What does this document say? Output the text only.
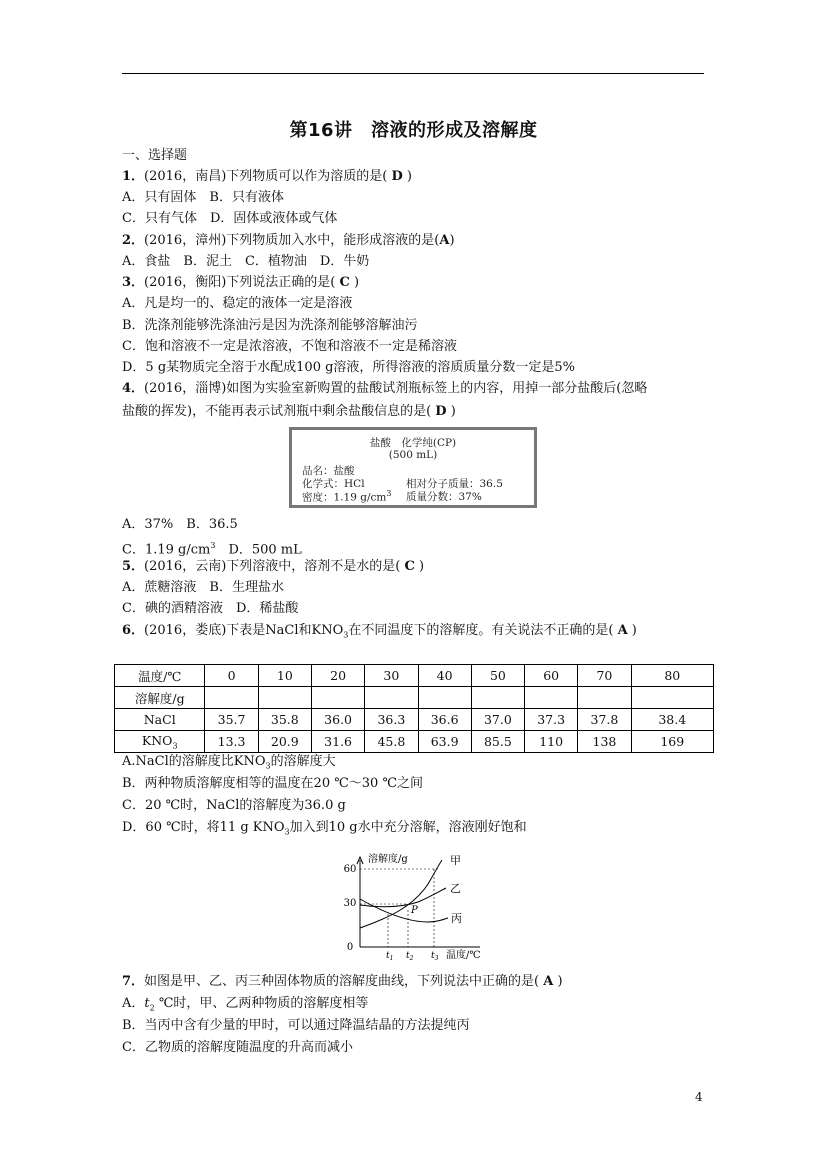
第16讲　溶液的形成及溶解度
一、选择题
1．(2016，南昌)下列物质可以作为溶质的是( D )
A．只有固体　B．只有液体
C．只有气体　D．固体或液体或气体
2．(2016，漳州)下列物质加入水中，能形成溶液的是(A)
A．食盐　B．泥土　C．植物油　D．牛奶
3．(2016，衡阳)下列说法正确的是( C )
A．凡是均一的、稳定的液体一定是溶液
B．洗涤剂能够洗涤油污是因为洗涤剂能够溶解油污
C．饱和溶液不一定是浓溶液，不饱和溶液不一定是稀溶液
D．5 g某物质完全溶于水配成100 g溶液，所得溶液的溶质质量分数一定是5%
4．(2016，淄博)如图为实验室新购置的盐酸试剂瓶标签上的内容，用掉一部分盐酸后(忽略
盐酸的挥发)，不能再表示试剂瓶中剩余盐酸信息的是( D )
盐酸　化学纯(CP)
(500 mL)
品名：盐酸
化学式：HCl	相对分子质量：36.5
密度：1.19 $g/cm^3$ 质量分数：37%
A．37%　B．36.5
C．1.19 $g/cm^3$　D．500 mL
5．(2016，云南)下列溶液中，溶剂不是水的是( C )
A．蔗糖溶液　B．生理盐水
C．碘的酒精溶液　D．稀盐酸
6．(2016，娄底)下表是NaCl和$KNO_3$在不同温度下的溶解度。有关说法不正确的是( A )
温度/℃	0	10	20	30	40	50	60	70	80
溶解度/g									
NaCl	35.7	35.8	36.0	36.3	36.6	37.0	37.3	37.8	38.4
$KNO_3$	13.3	20.9	31.6	45.8	63.9	85.5	110	138	169
A.NaCl的溶解度比$KNO_3$的溶解度大
B．两种物质溶解度相等的温度在20 ℃～30 ℃之间
C．20 ℃时，NaCl的溶解度为36.0 g
D．60 ℃时，将11 g $KNO_3$加入到10 g水中充分溶解，溶液刚好饱和
溶解度/g
60
30
0
甲
乙
丙
P
$t_1$ $t_2$ $t_3$ 温度/℃
7．如图是甲、乙、丙三种固体物质的溶解度曲线，下列说法中正确的是( A )
A．$t_2$ ℃时，甲、乙两种物质的溶解度相等
B．当丙中含有少量的甲时，可以通过降温结晶的方法提纯丙
C．乙物质的溶解度随温度的升高而减小
4
